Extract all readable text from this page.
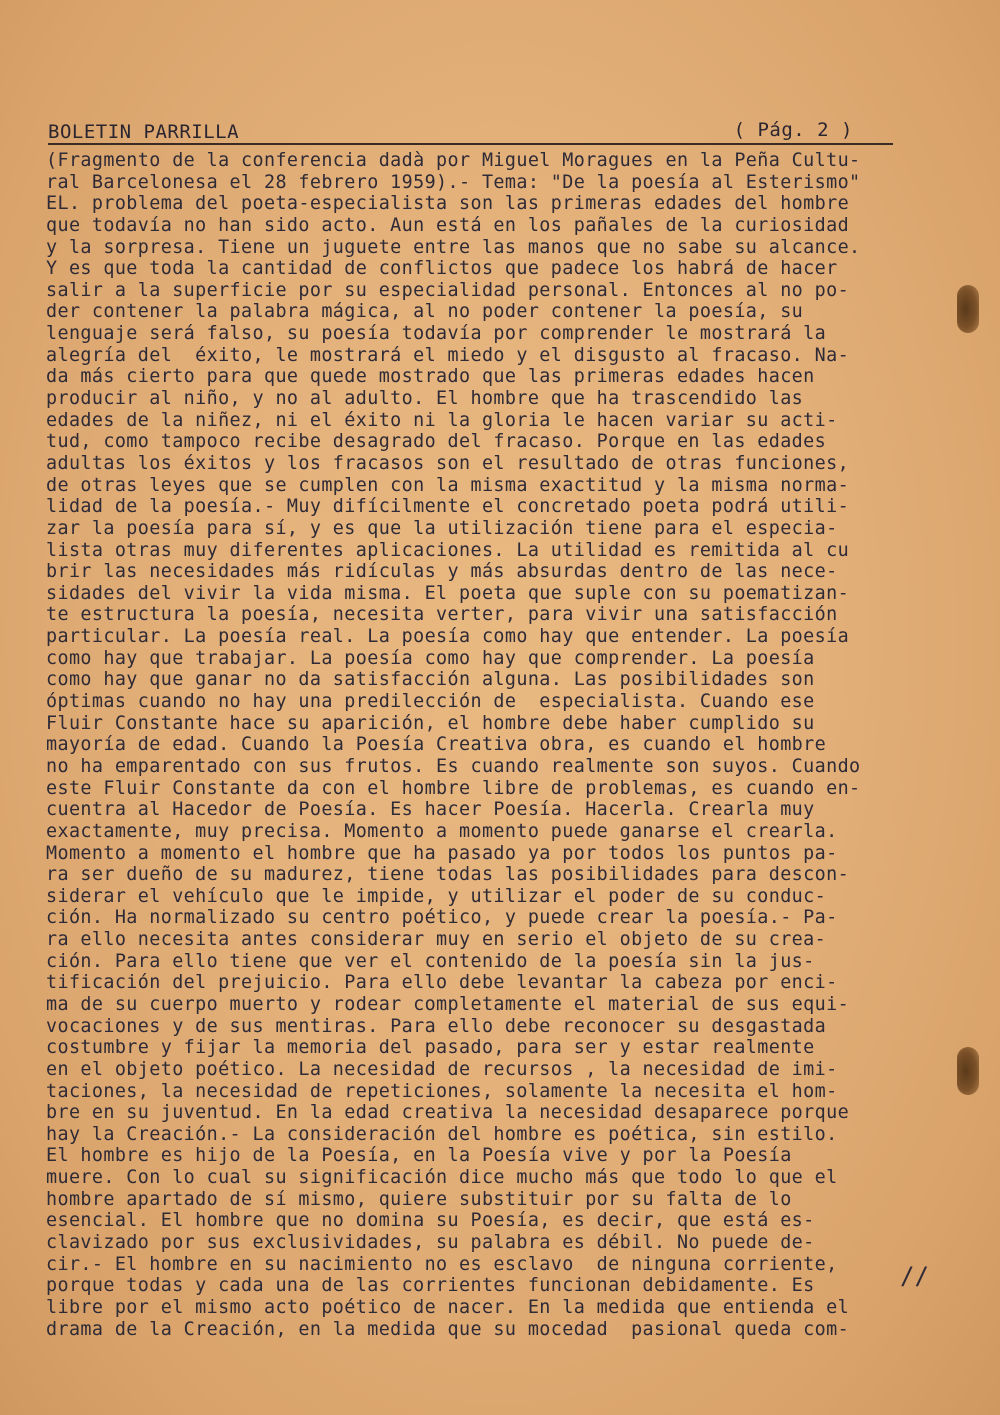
BOLETIN PARRILLA	( Pág. 2 )
(Fragmento de la conferencia dadà por Miguel Moragues en la Peña Cultu-
ral Barcelonesa el 28 febrero 1959).- Tema: "De la poesía al Esterismo"
EL. problema del poeta-especialista son las primeras edades del hombre
que todavía no han sido acto. Aun está en los pañales de la curiosidad
y la sorpresa. Tiene un juguete entre las manos que no sabe su alcance.
Y es que toda la cantidad de conflictos que padece los habrá de hacer
salir a la superficie por su especialidad personal. Entonces al no po-
der contener la palabra mágica, al no poder contener la poesía, su
lenguaje será falso, su poesía todavía por comprender le mostrará la
alegría del  éxito, le mostrará el miedo y el disgusto al fracaso. Na-
da más cierto para que quede mostrado que las primeras edades hacen
producir al niño, y no al adulto. El hombre que ha trascendido las
edades de la niñez, ni el éxito ni la gloria le hacen variar su acti-
tud, como tampoco recibe desagrado del fracaso. Porque en las edades
adultas los éxitos y los fracasos son el resultado de otras funciones,
de otras leyes que se cumplen con la misma exactitud y la misma norma-
lidad de la poesía.- Muy difícilmente el concretado poeta podrá utili-
zar la poesía para sí, y es que la utilización tiene para el especia-
lista otras muy diferentes aplicaciones. La utilidad es remitida al cu
brir las necesidades más ridículas y más absurdas dentro de las nece-
sidades del vivir la vida misma. El poeta que suple con su poematizan-
te estructura la poesía, necesita verter, para vivir una satisfacción
particular. La poesía real. La poesía como hay que entender. La poesía
como hay que trabajar. La poesía como hay que comprender. La poesía
como hay que ganar no da satisfacción alguna. Las posibilidades son
óptimas cuando no hay una predilección de  especialista. Cuando ese
Fluir Constante hace su aparición, el hombre debe haber cumplido su
mayoría de edad. Cuando la Poesía Creativa obra, es cuando el hombre
no ha emparentado con sus frutos. Es cuando realmente son suyos. Cuando
este Fluir Constante da con el hombre libre de problemas, es cuando en-
cuentra al Hacedor de Poesía. Es hacer Poesía. Hacerla. Crearla muy
exactamente, muy precisa. Momento a momento puede ganarse el crearla.
Momento a momento el hombre que ha pasado ya por todos los puntos pa-
ra ser dueño de su madurez, tiene todas las posibilidades para descon-
siderar el vehículo que le impide, y utilizar el poder de su conduc-
ción. Ha normalizado su centro poético, y puede crear la poesía.- Pa-
ra ello necesita antes considerar muy en serio el objeto de su crea-
ción. Para ello tiene que ver el contenido de la poesía sin la jus-
tificación del prejuicio. Para ello debe levantar la cabeza por enci-
ma de su cuerpo muerto y rodear completamente el material de sus equi-
vocaciones y de sus mentiras. Para ello debe reconocer su desgastada
costumbre y fijar la memoria del pasado, para ser y estar realmente
en el objeto poético. La necesidad de recursos , la necesidad de imi-
taciones, la necesidad de repeticiones, solamente la necesita el hom-
bre en su juventud. En la edad creativa la necesidad desaparece porque
hay la Creación.- La consideración del hombre es poética, sin estilo.
El hombre es hijo de la Poesía, en la Poesía vive y por la Poesía
muere. Con lo cual su significación dice mucho más que todo lo que el
hombre apartado de sí mismo, quiere substituir por su falta de lo
esencial. El hombre que no domina su Poesía, es decir, que está es-
clavizado por sus exclusividades, su palabra es débil. No puede de-
cir.- El hombre en su nacimiento no es esclavo  de ninguna corriente,
porque todas y cada una de las corrientes funcionan debidamente. Es
libre por el mismo acto poético de nacer. En la medida que entienda el
drama de la Creación, en la medida que su mocedad  pasional queda com-
//
